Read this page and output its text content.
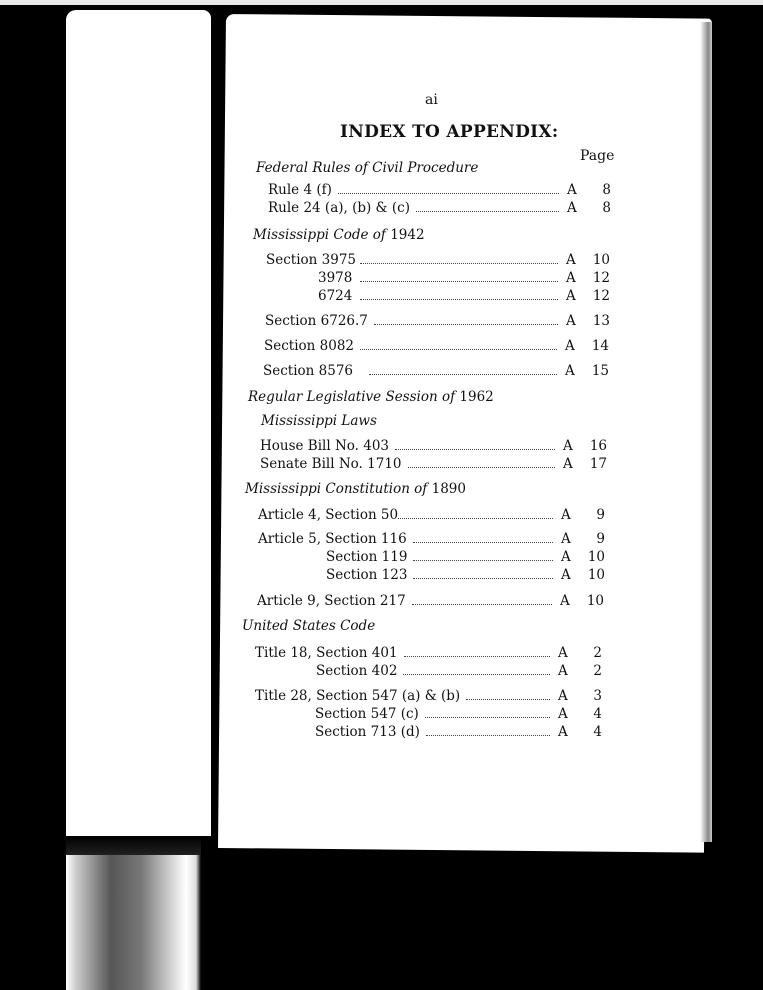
ai
INDEX TO APPENDIX:
Page
Federal Rules of Civil Procedure
Rule 4 (f)	A	8
Rule 24 (a), (b) & (c)	A	8
Mississippi Code of 1942
Section 3975	A 10
3978	A 12
6724	A 12
Section 6726.7	A 13
Section 8082	A 14
Section 8576	A 15
Regular Legislative Session of 1962
Mississippi Laws
House Bill No. 403	A 16
Senate Bill No. 1710	A 17
Mississippi Constitution of 1890
Article 4, Section 50	A	9
Article 5, Section 116	A	9
Section 119	A 10
Section 123	A 10
Article 9, Section 217	A 10
United States Code
Title 18, Section 401	A	2
Section 402	A	2
Title 28, Section 547 (a) & (b)	A	3
Section 547 (c)	A	4
Section 713 (d)	A	4
